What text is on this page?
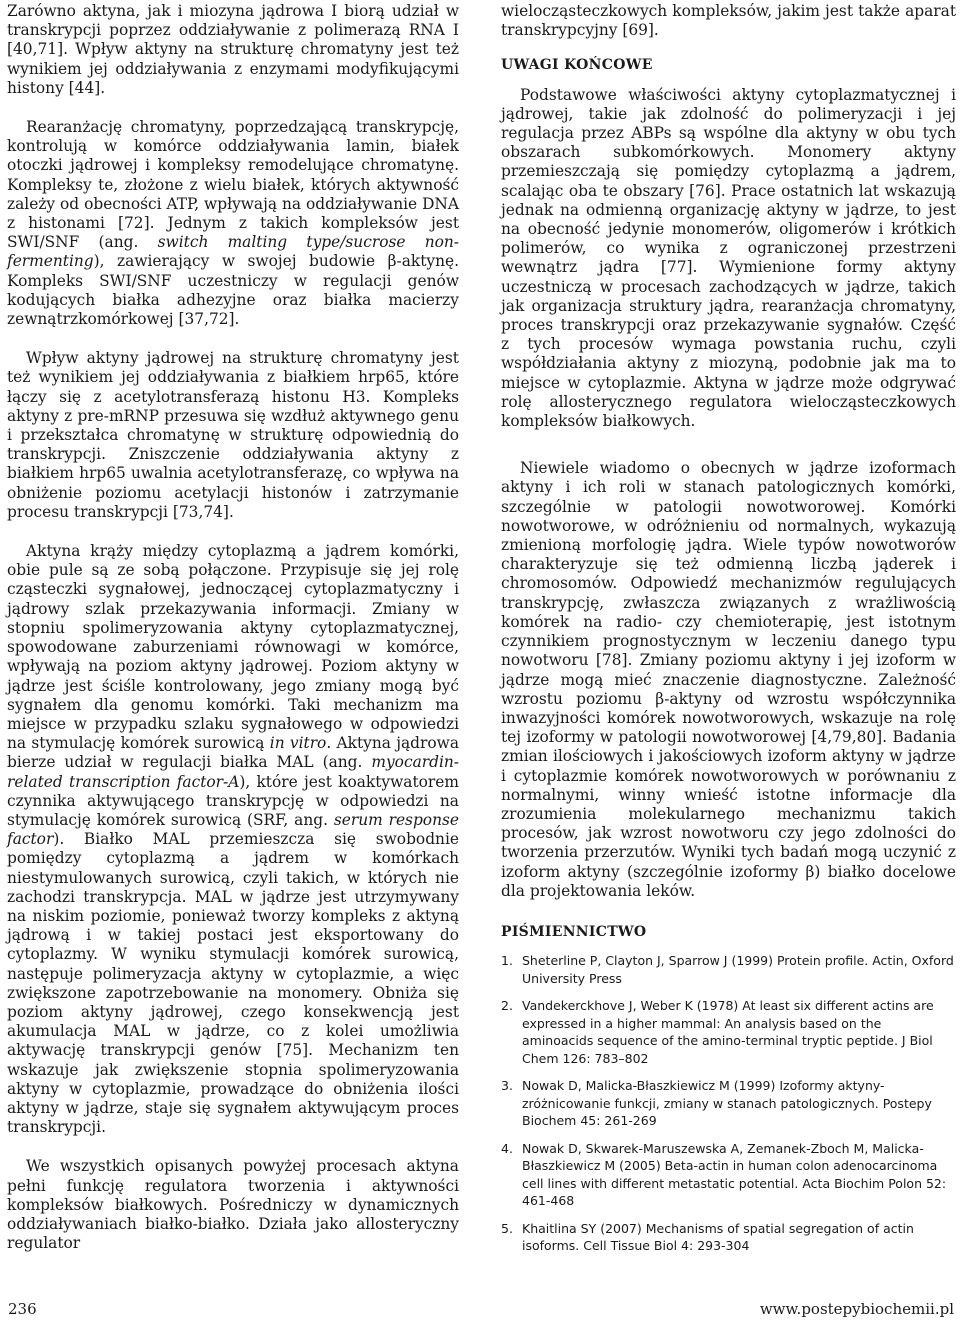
Zarówno aktyna, jak i miozyna jądrowa I biorą udział w transkrypcji poprzez oddziaływanie z polimerazą RNA I [40,71]. Wpływ aktyny na strukturę chromatyny jest też wynikiem jej oddziaływania z enzymami modyfikującymi histony [44].

Rearanżację chromatyny, poprzedzającą transkrypcję, kontrolują w komórce oddziaływania lamin, białek otoczki jądrowej i kompleksy remodelujące chromatynę. Kompleksy te, złożone z wielu białek, których aktywność zależy od obecności ATP, wpływają na oddziaływanie DNA z histonami [72]. Jednym z takich kompleksów jest SWI/SNF (ang. switch malting type/sucrose non-fermenting), zawierający w swojej budowie β-aktynę. Kompleks SWI/SNF uczestniczy w regulacji genów kodujących białka adhezyjne oraz białka macierzy zewnątrzkomórkowej [37,72].

Wpływ aktyny jądrowej na strukturę chromatyny jest też wynikiem jej oddziaływania z białkiem hrp65, które łączy się z acetylotransferazą histonu H3. Kompleks aktyny z pre-mRNP przesuwa się wzdłuż aktywnego genu i przekształca chromatynę w strukturę odpowiednią do transkrypcji. Zniszczenie oddziaływania aktyny z białkiem hrp65 uwalnia acetylotransferazę, co wpływa na obniżenie poziomu acetylacji histonów i zatrzymanie procesu transkrypcji [73,74].

Aktyna krąży między cytoplazmą a jądrem komórki, obie pule są ze sobą połączone. Przypisuje się jej rolę cząsteczki sygnałowej, jednoczącej cytoplazmatyczny i jądrowy szlak przekazywania informacji. Zmiany w stopniu spolimeryzowania aktyny cytoplazmatycznej, spowodowane zaburzeniami równowagi w komórce, wpływają na poziom aktyny jądrowej. Poziom aktyny w jądrze jest ściśle kontrolowany, jego zmiany mogą być sygnałem dla genomu komórki. Taki mechanizm ma miejsce w przypadku szlaku sygnałowego w odpowiedzi na stymulację komórek surowicą in vitro. Aktyna jądrowa bierze udział w regulacji białka MAL (ang. myocardin-related transcription factor-A), które jest koaktywatorem czynnika aktywującego transkrypcję w odpowiedzi na stymulację komórek surowicą (SRF, ang. serum response factor). Białko MAL przemieszcza się swobodnie pomiędzy cytoplazmą a jądrem w komórkach niestymulowanych surowicą, czyli takich, w których nie zachodzi transkrypcja. MAL w jądrze jest utrzymywany na niskim poziomie, ponieważ tworzy kompleks z aktyną jądrową i w takiej postaci jest eksportowany do cytoplazmy. W wyniku stymulacji komórek surowicą, następuje polimeryzacja aktyny w cytoplazmie, a więc zwiększone zapotrzebowanie na monomery. Obniża się poziom aktyny jądrowej, czego konsekwencją jest akumulacja MAL w jądrze, co z kolei umożliwia aktywację transkrypcji genów [75]. Mechanizm ten wskazuje jak zwiększenie stopnia spolimeryzowania aktyny w cytoplazmie, prowadzące do obniżenia ilości aktyny w jądrze, staje się sygnałem aktywującym proces transkrypcji.

We wszystkich opisanych powyżej procesach aktyna pełni funkcję regulatora tworzenia i aktywności kompleksów białkowych. Pośredniczy w dynamicznych oddziaływaniach białko-białko. Działa jako allosteryczny regulator

wielocząsteczkowych kompleksów, jakim jest także aparat transkrypcyjny [69].

UWAGI KOŃCOWE

Podstawowe właściwości aktyny cytoplazmatycznej i jądrowej, takie jak zdolność do polimeryzacji i jej regulacja przez ABPs są wspólne dla aktyny w obu tych obszarach subkomórkowych. Monomery aktyny przemieszczają się pomiędzy cytoplazmą a jądrem, scalając oba te obszary [76]. Prace ostatnich lat wskazują jednak na odmienną organizację aktyny w jądrze, to jest na obecność jedynie monomerów, oligomerów i krótkich polimerów, co wynika z ograniczonej przestrzeni wewnątrz jądra [77]. Wymienione formy aktyny uczestniczą w procesach zachodzących w jądrze, takich jak organizacja struktury jądra, rearanżacja chromatyny, proces transkrypcji oraz przekazywanie sygnałów. Część z tych procesów wymaga powstania ruchu, czyli współdziałania aktyny z miozyną, podobnie jak ma to miejsce w cytoplazmie. Aktyna w jądrze może odgrywać rolę allosterycznego regulatora wielocząsteczkowych kompleksów białkowych.

Niewiele wiadomo o obecnych w jądrze izoformach aktyny i ich roli w stanach patologicznych komórki, szczególnie w patologii nowotworowej. Komórki nowotworowe, w odróżnieniu od normalnych, wykazują zmienioną morfologię jądra. Wiele typów nowotworów charakteryzuje się też odmienną liczbą jąderek i chromosomów. Odpowiedź mechanizmów regulujących transkrypcję, zwłaszcza związanych z wrażliwością komórek na radio- czy chemioterapię, jest istotnym czynnikiem prognostycznym w leczeniu danego typu nowotworu [78]. Zmiany poziomu aktyny i jej izoform w jądrze mogą mieć znaczenie diagnostyczne. Zależność wzrostu poziomu β-aktyny od wzrostu współczynnika inwazyjności komórek nowotworowych, wskazuje na rolę tej izoformy w patologii nowotworowej [4,79,80]. Badania zmian ilościowych i jakościowych izoform aktyny w jądrze i cytoplazmie komórek nowotworowych w porównaniu z normalnymi, winny wnieść istotne informacje dla zrozumienia molekularnego mechanizmu takich procesów, jak wzrost nowotworu czy jego zdolności do tworzenia przerzutów. Wyniki tych badań mogą uczynić z izoform aktyny (szczególnie izoformy β) białko docelowe dla projektowania leków.

PIŚMIENNICTWO
1. Sheterline P, Clayton J, Sparrow J (1999) Protein profile. Actin, Oxford University Press
2. Vandekerckhove J, Weber K (1978) At least six different actins are expressed in a higher mammal: An analysis based on the aminoacids sequence of the amino-terminal tryptic peptide. J Biol Chem 126: 783–802
3. Nowak D, Malicka-Błaszkiewicz M (1999) Izoformy aktyny-zróżnicowanie funkcji, zmiany w stanach patologicznych. Postepy Biochem 45: 261-269
4. Nowak D, Skwarek-Maruszewska A, Zemanek-Zboch M, Malicka-Błaszkiewicz M (2005) Beta-actin in human colon adenocarcinoma cell lines with different metastatic potential. Acta Biochim Polon 52: 461-468
5. Khaitlina SY (2007) Mechanisms of spatial segregation of actin isoforms. Cell Tissue Biol 4: 293-304
236	www.postepybiochemii.pl
